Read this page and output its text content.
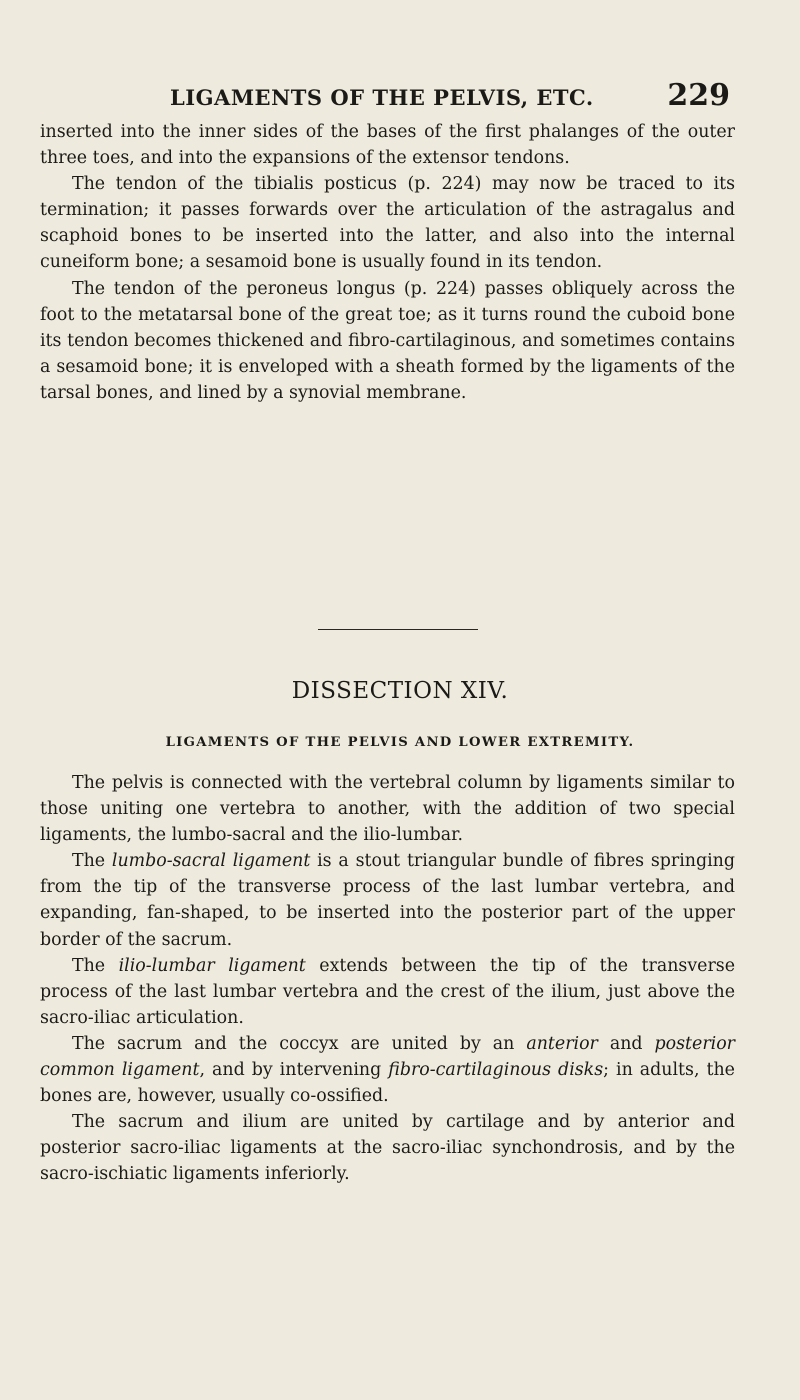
LIGAMENTS OF THE PELVIS, ETC. 229

inserted into the inner sides of the bases of the first phalanges of the outer three toes, and into the expansions of the extensor tendons.

The tendon of the tibialis posticus (p. 224) may now be traced to its termination; it passes forwards over the articulation of the astragalus and scaphoid bones to be inserted into the latter, and also into the internal cuneiform bone; a sesamoid bone is usually found in its tendon.

The tendon of the peroneus longus (p. 224) passes obliquely across the foot to the metatarsal bone of the great toe; as it turns round the cuboid bone its tendon becomes thickened and fibro-cartilaginous, and sometimes contains a sesamoid bone; it is enveloped with a sheath formed by the ligaments of the tarsal bones, and lined by a synovial membrane.

DISSECTION XIV.
LIGAMENTS OF THE PELVIS AND LOWER EXTREMITY.

The pelvis is connected with the vertebral column by ligaments similar to those uniting one vertebra to another, with the addition of two special ligaments, the lumbo-sacral and the ilio-lumbar.

The lumbo-sacral ligament is a stout triangular bundle of fibres springing from the tip of the transverse process of the last lumbar vertebra, and expanding, fan-shaped, to be inserted into the posterior part of the upper border of the sacrum.

The ilio-lumbar ligament extends between the tip of the transverse process of the last lumbar vertebra and the crest of the ilium, just above the sacro-iliac articulation.

The sacrum and the coccyx are united by an anterior and posterior common ligament, and by intervening fibro-cartilaginous disks; in adults, the bones are, however, usually co-ossified.

The sacrum and ilium are united by cartilage and by anterior and posterior sacro-iliac ligaments at the sacro-iliac synchondrosis, and by the sacro-ischiatic ligaments inferiorly.
